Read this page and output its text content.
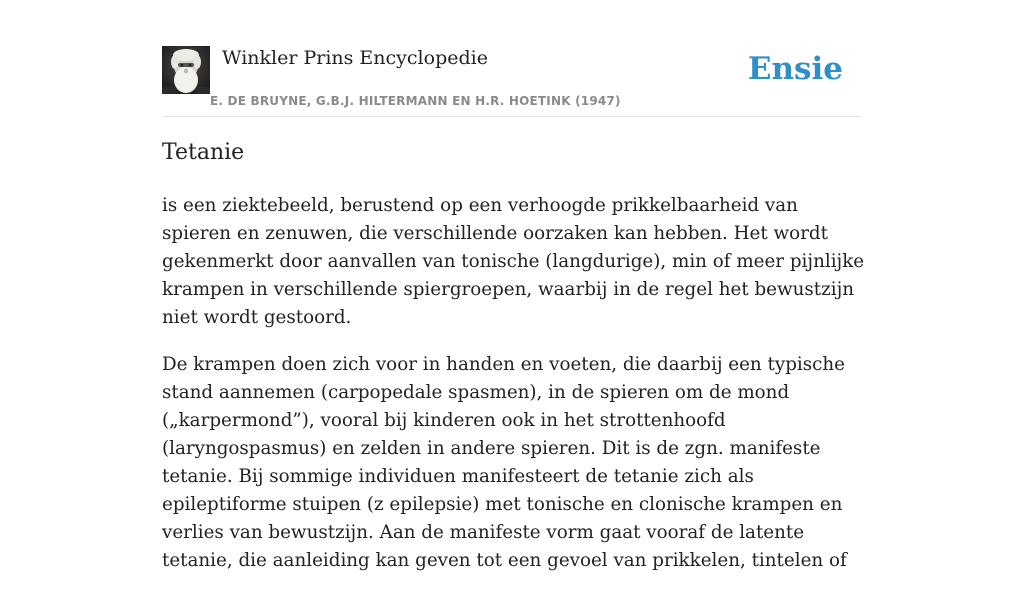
Winkler Prins Encyclopedie
E. DE BRUYNE, G.B.J. HILTERMANN EN H.R. HOETINK (1947)
Ensie
Tetanie

is een ziektebeeld, berustend op een verhoogde prikkelbaarheid van spieren en zenuwen, die verschillende oorzaken kan hebben. Het wordt gekenmerkt door aanvallen van tonische (langdurige), min of meer pijnlijke krampen in verschillende spiergroepen, waarbij in de regel het bewustzijn niet wordt gestoord.

De krampen doen zich voor in handen en voeten, die daarbij een typische stand aannemen (carpopedale spasmen), in de spieren om de mond („karpermond”), vooral bij kinderen ook in het strottenhoofd (laryngospasmus) en zelden in andere spieren. Dit is de zgn. manifeste tetanie. Bij sommige individuen manifesteert de tetanie zich als epileptiforme stuipen (z epilepsie) met tonische en clonische krampen en verlies van bewustzijn. Aan de manifeste vorm gaat vooraf de latente tetanie, die aanleiding kan geven tot een gevoel van prikkelen, tintelen of
